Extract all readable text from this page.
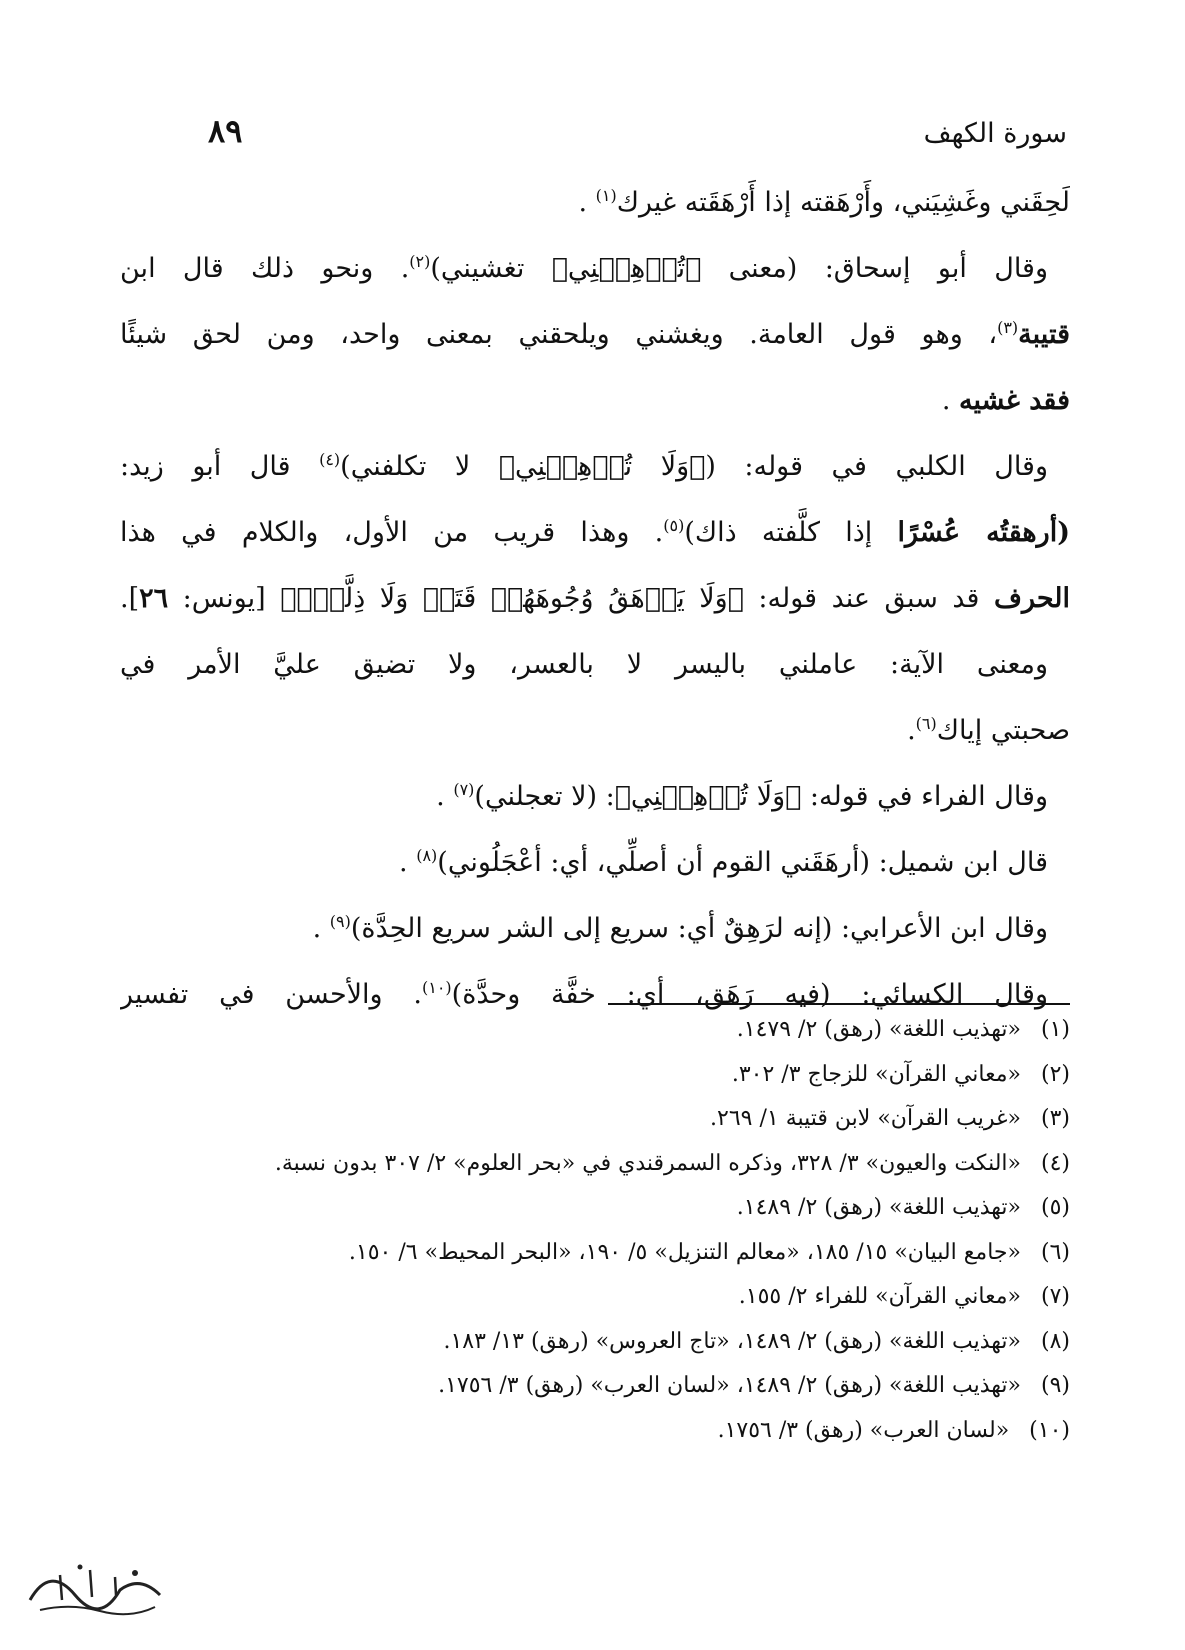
سورة الكهف
٨٩
لَحِقَني وغَشِيَني، وأَرْهَقته إذا أَرْهَقَته غيرك$^{(١)}$ .
وقال أبو إسحاق: (معنى ﴿تُرۡهِقۡنِي﴾ تغشيني)$^{(٢)}$. ونحو ذلك قال ابن
قتيبة$^{(٣)}$، وهو قول العامة. ويغشني ويلحقني بمعنى واحد، ومن لحق شيئًا
فقد غشيه .
وقال الكلبي في قوله: (﴿وَلَا تُرۡهِقۡنِي﴾ لا تكلفني)$^{(٤)}$ قال أبو زيد:
(أرهقتُه عُسْرًا إذا كلَّفته ذاك)$^{(٥)}$. وهذا قريب من الأول، والكلام في هذا
الحرف قد سبق عند قوله: ﴿وَلَا يَرۡهَقُ وُجُوهَهُمۡ قَتَرٞ وَلَا ذِلَّةٌۚ﴾ [يونس: ٢٦].
ومعنى الآية: عاملني باليسر لا بالعسر، ولا تضيق عليَّ الأمر في
صحبتي إياك$^{(٦)}$.
وقال الفراء في قوله: ﴿وَلَا تُرۡهِقۡنِي﴾: (لا تعجلني)$^{(٧)}$ .
قال ابن شميل: (أرهَقَني القوم أن أصلِّي، أي: أعْجَلُوني)$^{(٨)}$ .
وقال ابن الأعرابي: (إنه لرَهِقٌ أي: سريع إلى الشر سريع الحِدَّة)$^{(٩)}$ .
وقال الكسائي: (فيه رَهَق، أي: خفَّة وحدَّة)$^{(١٠)}$. والأحسن في تفسير
(١)«تهذيب اللغة» (رهق) ٢/ ١٤٧٩.
(٢)«معاني القرآن» للزجاج ٣/ ٣٠٢.
(٣)«غريب القرآن» لابن قتيبة ١/ ٢٦٩.
(٤)«النكت والعيون» ٣/ ٣٢٨، وذكره السمرقندي في «بحر العلوم» ٢/ ٣٠٧ بدون نسبة.
(٥)«تهذيب اللغة» (رهق) ٢/ ١٤٨٩.
(٦)«جامع البيان» ١٥/ ١٨٥، «معالم التنزيل» ٥/ ١٩٠، «البحر المحيط» ٦/ ١٥٠.
(٧)«معاني القرآن» للفراء ٢/ ١٥٥.
(٨)«تهذيب اللغة» (رهق) ٢/ ١٤٨٩، «تاج العروس» (رهق) ١٣/ ١٨٣.
(٩)«تهذيب اللغة» (رهق) ٢/ ١٤٨٩، «لسان العرب» (رهق) ٣/ ١٧٥٦.
(١٠)«لسان العرب» (رهق) ٣/ ١٧٥٦.
